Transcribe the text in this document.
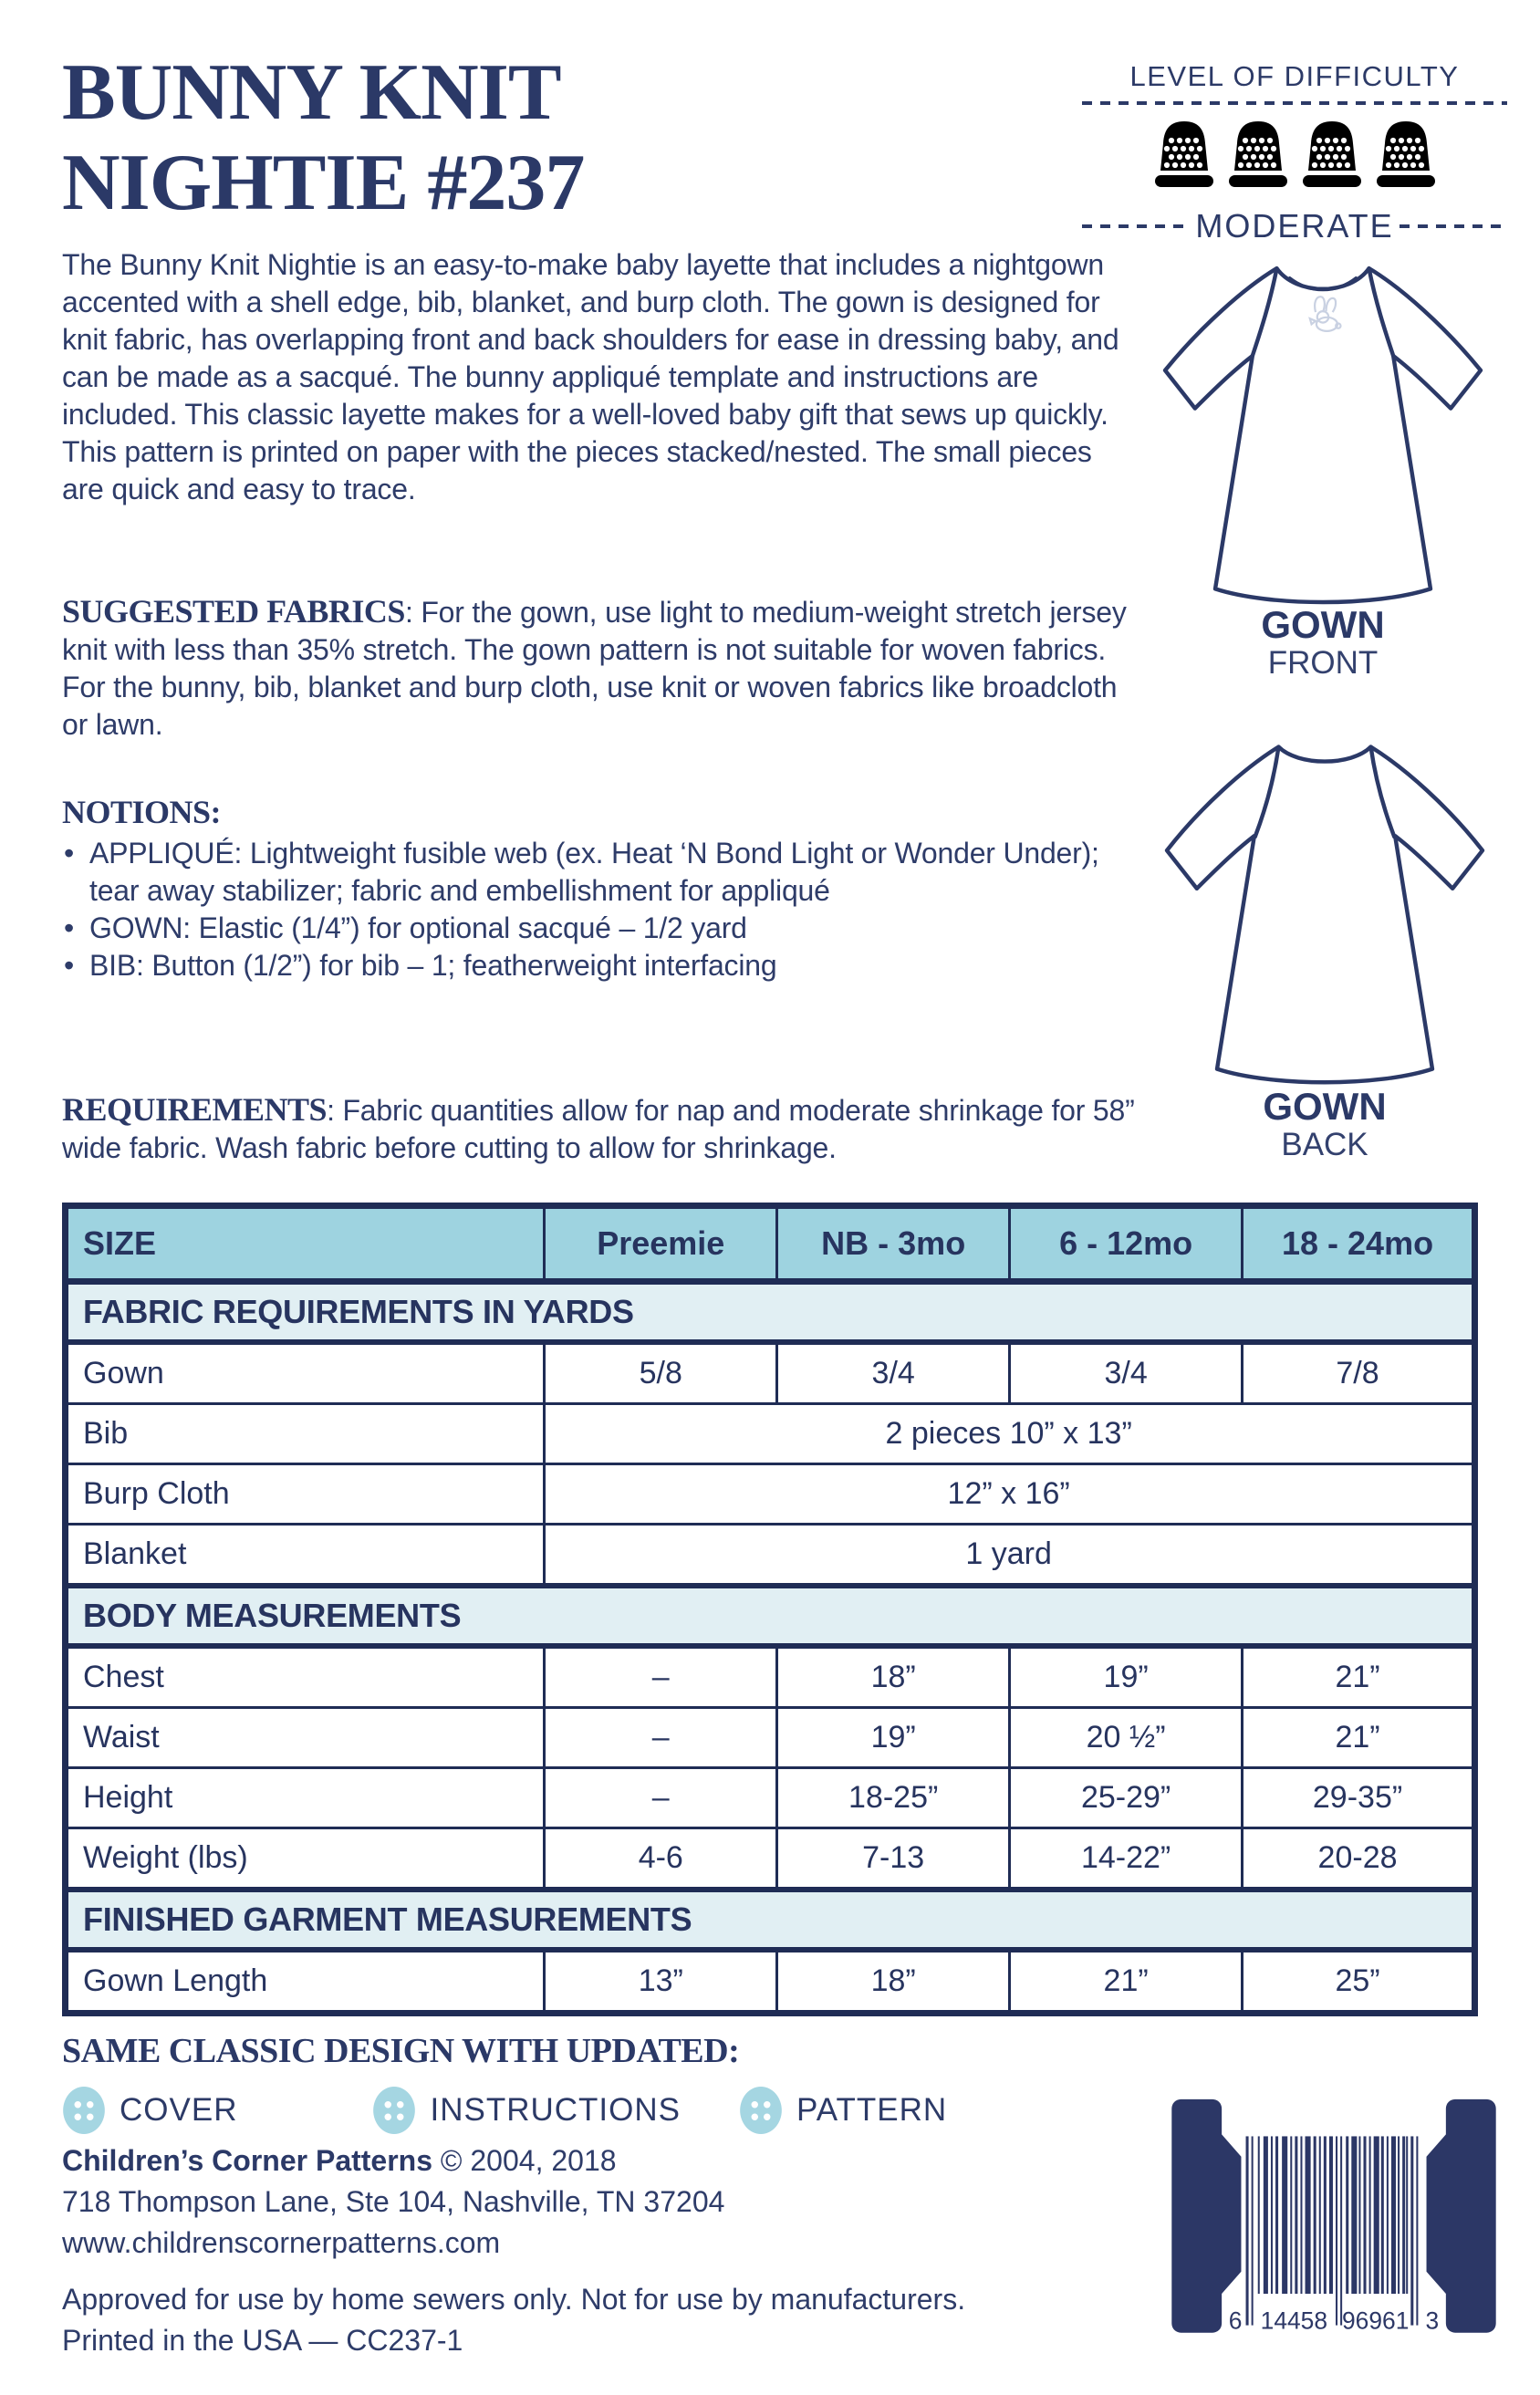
BUNNY KNIT
NIGHTIE #237
LEVEL OF DIFFICULTY
MODERATE
The Bunny Knit Nightie is an easy-to-make baby layette that includes a nightgown accented with a shell edge, bib, blanket, and burp cloth. The gown is designed for knit fabric, has overlapping front and back shoulders for ease in dressing baby, and can be made as a sacqué. The bunny appliqué template and instructions are included. This classic layette makes for a well-loved baby gift that sews up quickly. This pattern is printed on paper with the pieces stacked/nested. The small pieces are quick and easy to trace.
SUGGESTED FABRICS: For the gown, use light to medium-weight stretch jersey knit with less than 35% stretch. The gown pattern is not suitable for woven fabrics. For the bunny, bib, blanket and burp cloth, use knit or woven fabrics like broadcloth or lawn.
NOTIONS:
• APPLIQUÉ: Lightweight fusible web (ex. Heat ‘N Bond Light or Wonder Under); tear away stabilizer; fabric and embellishment for appliqué
• GOWN: Elastic (1/4”) for optional sacqué – 1/2 yard
• BIB: Button (1/2”) for bib – 1; featherweight interfacing
REQUIREMENTS: Fabric quantities allow for nap and moderate shrinkage for 58” wide fabric. Wash fabric before cutting to allow for shrinkage.
GOWN
FRONT
GOWN
BACK
SIZE	Preemie	NB - 3mo	6 - 12mo	18 - 24mo
FABRIC REQUIREMENTS IN YARDS				
Gown	5/8	3/4	3/4	7/8
Bib	2 pieces 10” x 13”			
Burp Cloth	12” x 16”			
Blanket	1 yard			
BODY MEASUREMENTS				
Chest	–	18”	19”	21”
Waist	–	19”	20 ½”	21”
Height	–	18-25”	25-29”	29-35”
Weight (lbs)	4-6	7-13	14-22”	20-28
FINISHED GARMENT MEASUREMENTS				
Gown Length	13”	18”	21”	25”
SAME CLASSIC DESIGN WITH UPDATED:
COVER	INSTRUCTIONS	PATTERN
Children’s Corner Patterns © 2004, 2018
718 Thompson Lane, Ste 104, Nashville, TN 37204
www.childrenscornerpatterns.com
Approved for use by home sewers only. Not for use by manufacturers.
Printed in the USA — CC237-1
6 14458 96961 3
